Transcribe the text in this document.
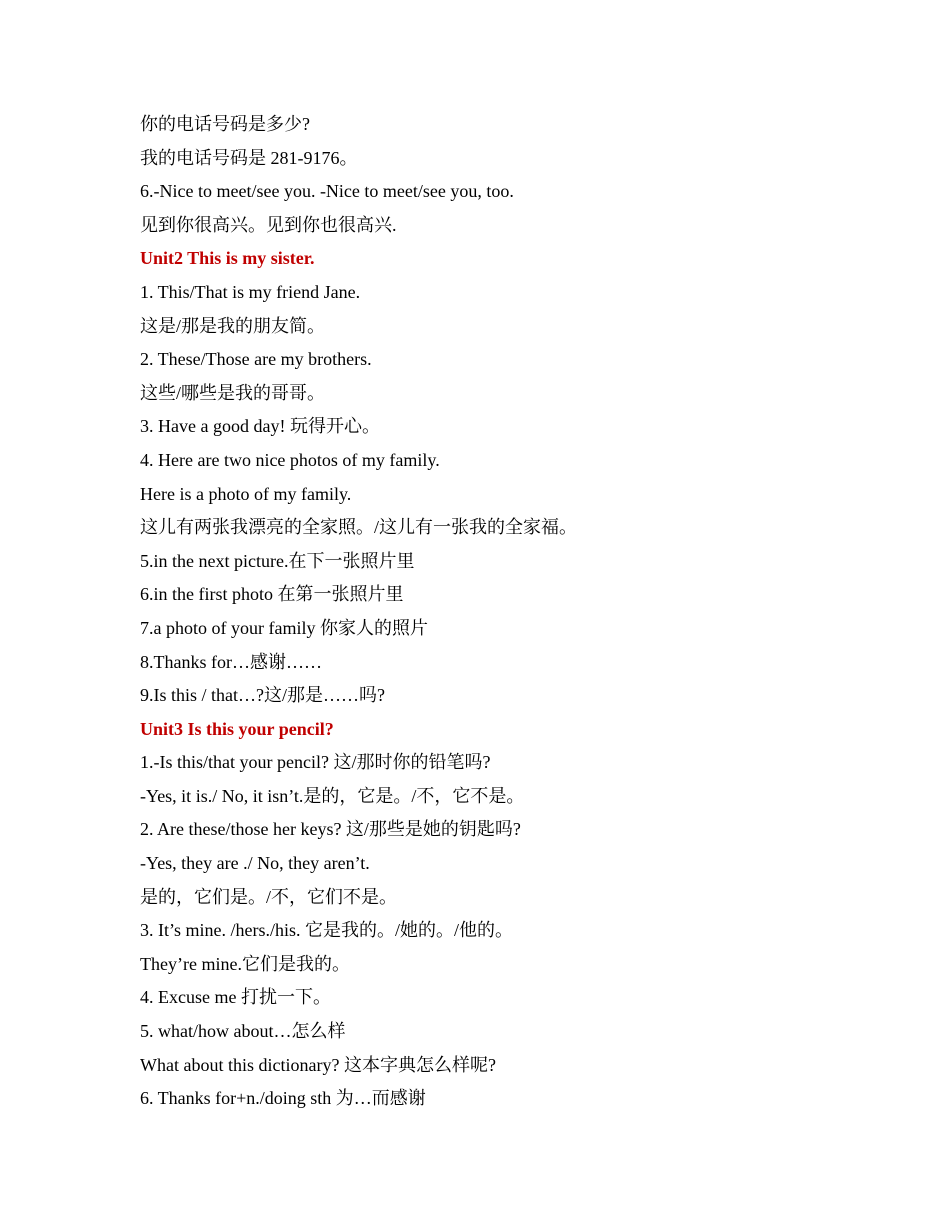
你的电话号码是多少?
我的电话号码是 281-9176。
6.-Nice to meet/see you. -Nice to meet/see you, too.
见到你很高兴。见到你也很高兴.
Unit2 This is my sister.
1. This/That is my friend Jane.
这是/那是我的朋友简。
2. These/Those are my brothers.
这些/哪些是我的哥哥。
3. Have a good day! 玩得开心。
4. Here are two nice photos of my family.
Here is a photo of my family.
这儿有两张我漂亮的全家照。/这儿有一张我的全家福。
5.in the next picture.在下一张照片里
6.in the first photo 在第一张照片里
7.a photo of your family 你家人的照片
8.Thanks for…感谢……
9.Is this / that…?这/那是……吗?
Unit3 Is this your pencil?
1.-Is this/that your pencil? 这/那时你的铅笔吗?
-Yes, it is./ No, it isn’t.是的，它是。/不，它不是。
2. Are these/those her keys? 这/那些是她的钥匙吗?
-Yes, they are ./ No, they aren’t.
是的，它们是。/不，它们不是。
3. It’s mine. /hers./his. 它是我的。/她的。/他的。
They’re mine.它们是我的。
4. Excuse me 打扰一下。
5. what/how about…怎么样
What about this dictionary? 这本字典怎么样呢?
6. Thanks for+n./doing sth 为…而感谢
